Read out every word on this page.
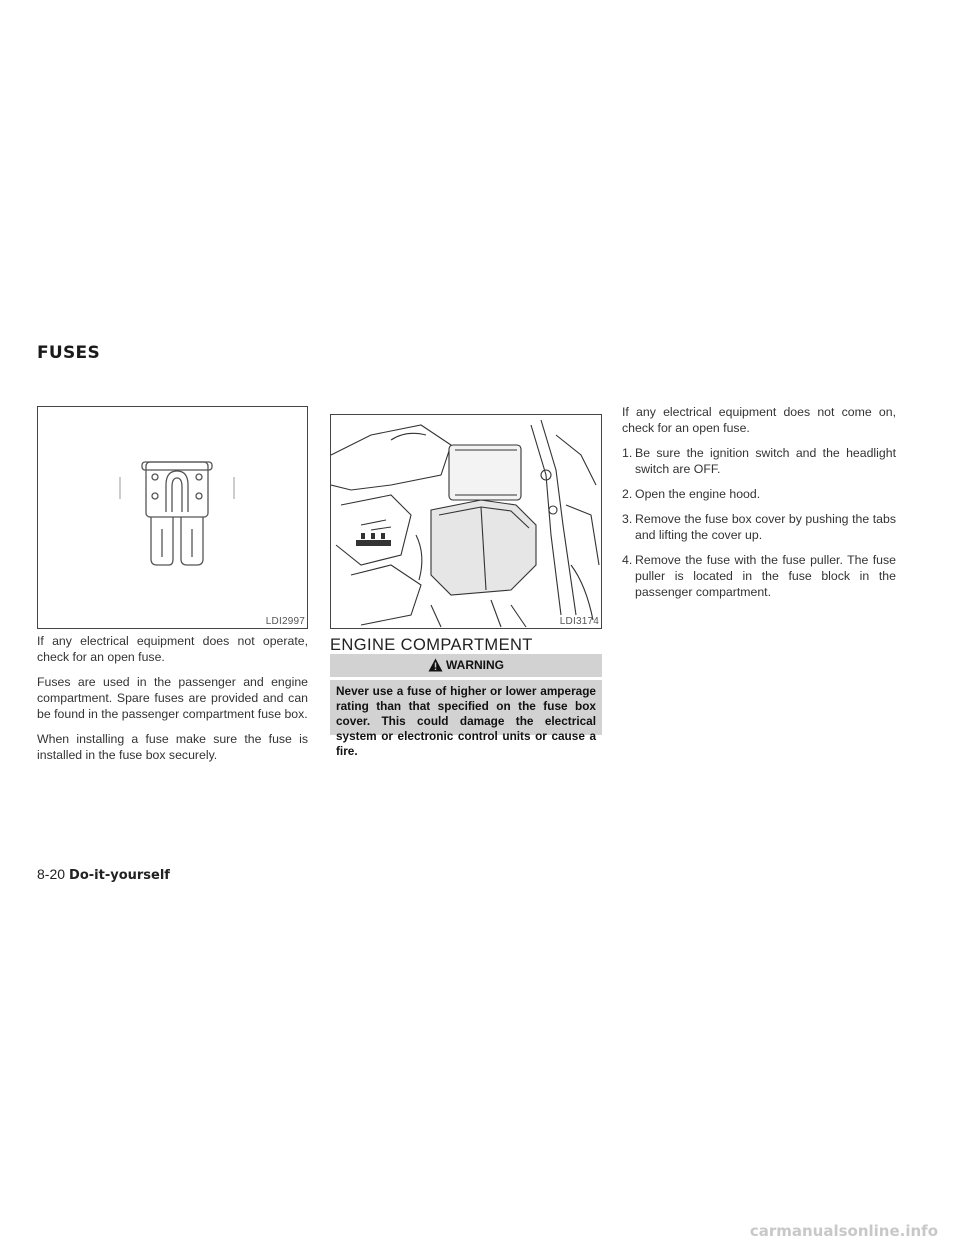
FUSES
LDI2997	LDI3174

If any electrical equipment does not operate, check for an open fuse.

Fuses are used in the passenger and engine compartment. Spare fuses are provided and can be found in the passenger compartment fuse box.

When installing a fuse make sure the fuse is installed in the fuse box securely.

ENGINE COMPARTMENT
WARNING
Never use a fuse of higher or lower amperage rating than that specified on the fuse box cover. This could damage the electrical system or electronic control units or cause a fire.

If any electrical equipment does not come on, check for an open fuse.

1. Be sure the ignition switch and the headlight switch are OFF.
2. Open the engine hood.
3. Remove the fuse box cover by pushing the tabs and lifting the cover up.
4. Remove the fuse with the fuse puller. The fuse puller is located in the fuse block in the passenger compartment.
8-20 Do-it-yourself
carmanualsonline.info
